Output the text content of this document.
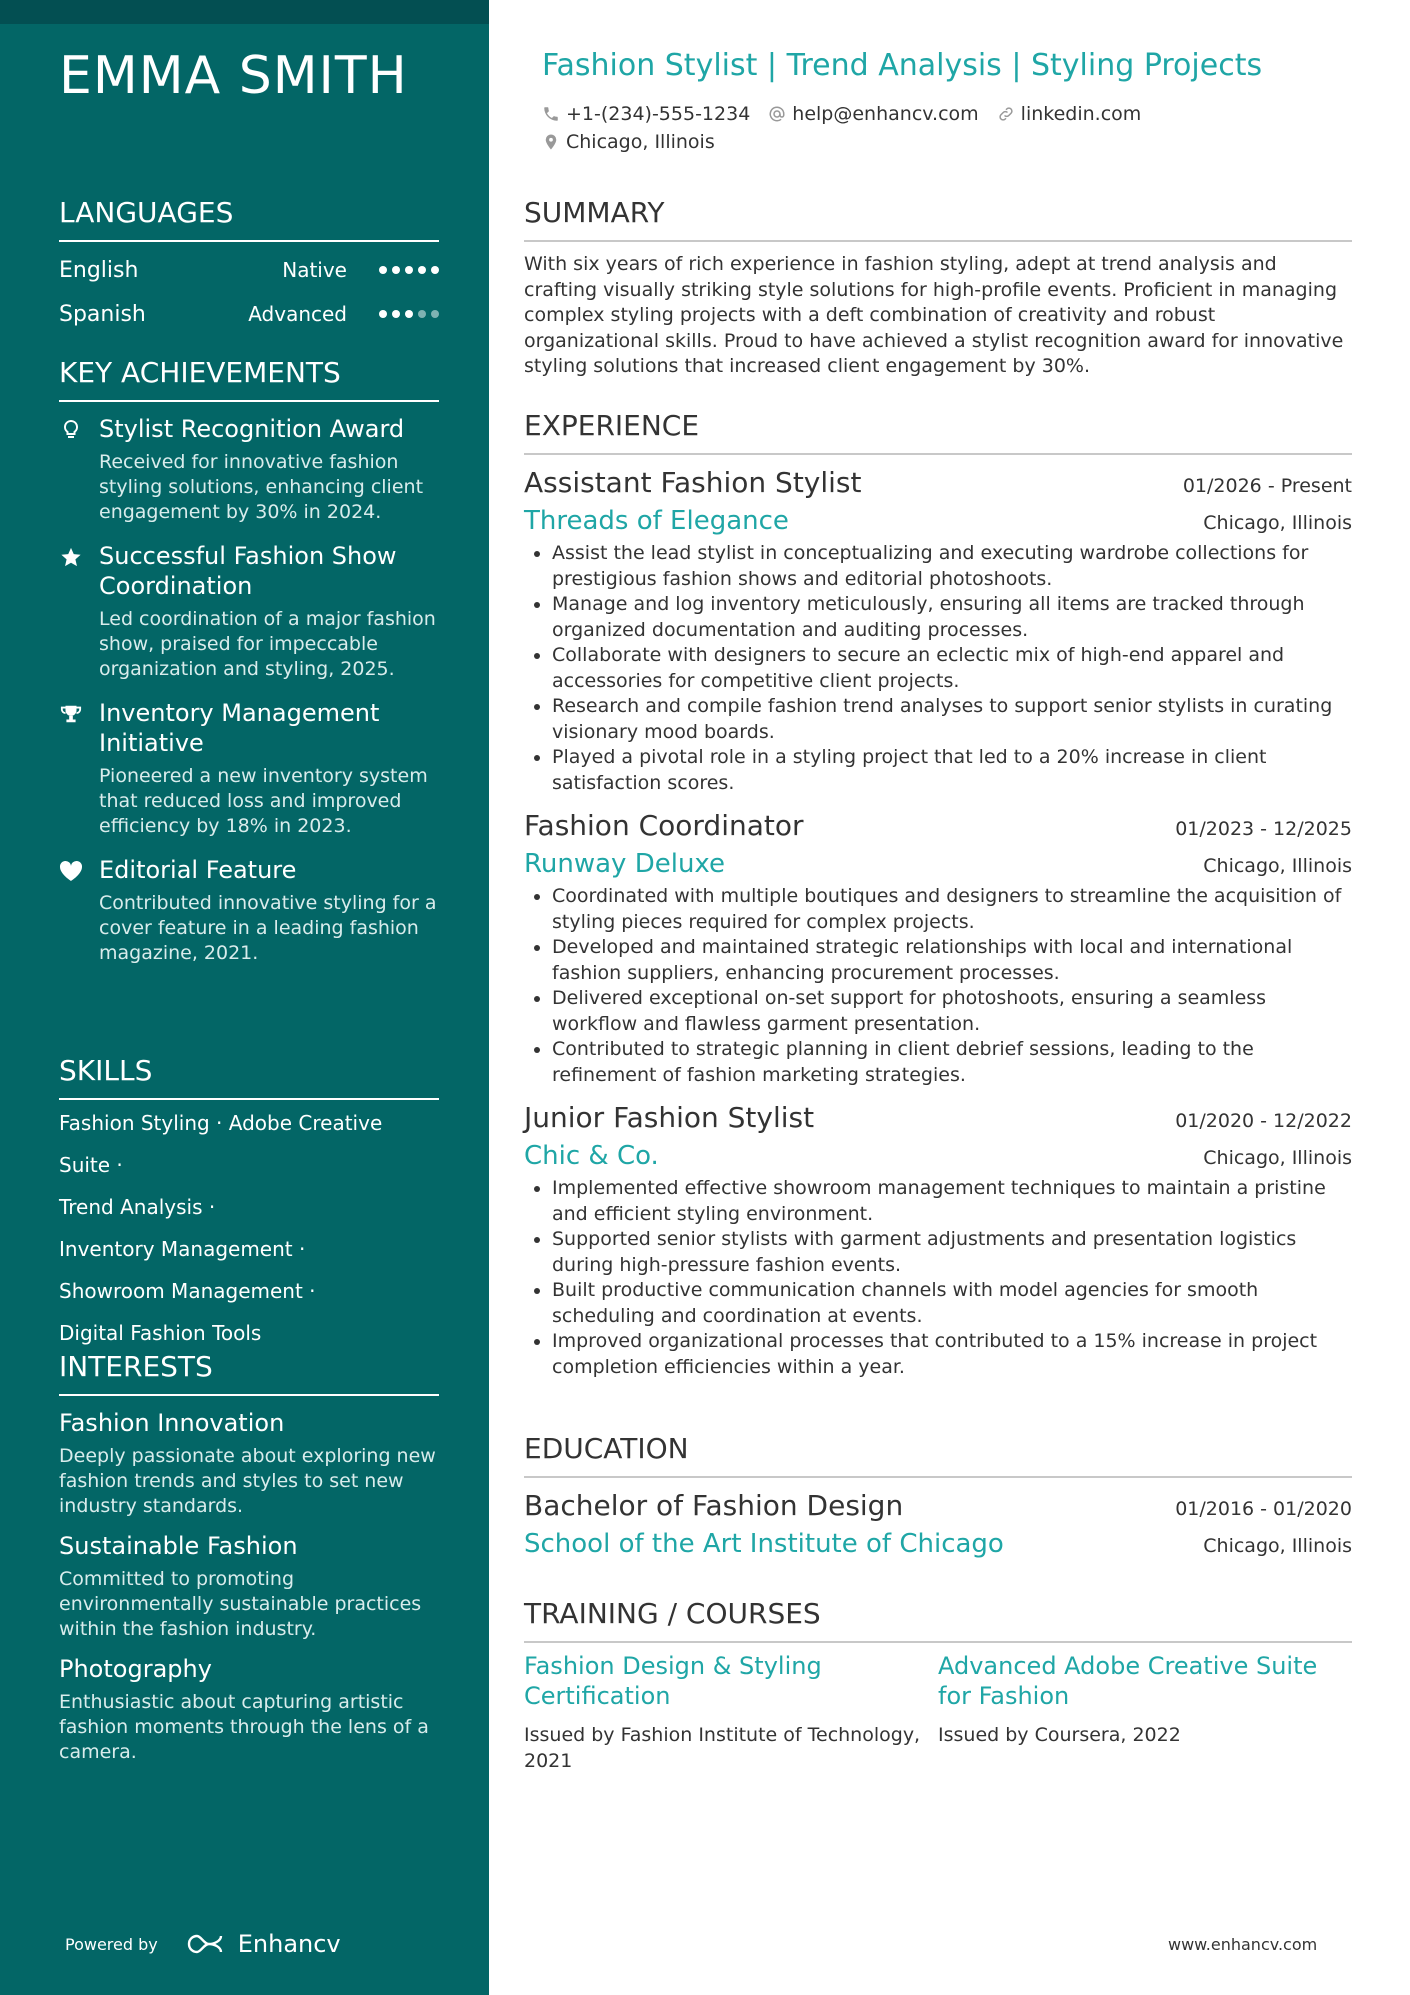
EMMA SMITH
LANGUAGES
English	Native
Spanish	Advanced
KEY ACHIEVEMENTS
Stylist Recognition Award
Received for innovative fashion styling solutions, enhancing client engagement by 30% in 2024.
Successful Fashion Show Coordination
Led coordination of a major fashion show, praised for impeccable organization and styling, 2025.
Inventory Management Initiative
Pioneered a new inventory system that reduced loss and improved efficiency by 18% in 2023.
Editorial Feature
Contributed innovative styling for a cover feature in a leading fashion magazine, 2021.
SKILLS
Fashion Styling · Adobe Creative Suite ·
Trend Analysis ·
Inventory Management ·
Showroom Management ·
Digital Fashion Tools
INTERESTS
Fashion Innovation
Deeply passionate about exploring new fashion trends and styles to set new industry standards.
Sustainable Fashion
Committed to promoting environmentally sustainable practices within the fashion industry.
Photography
Enthusiastic about capturing artistic fashion moments through the lens of a camera.
Powered by	Enhancv
Fashion Stylist | Trend Analysis | Styling Projects
+1-(234)-555-1234 help@enhancv.com linkedin.com
Chicago, Illinois
SUMMARY
With six years of rich experience in fashion styling, adept at trend analysis and crafting visually striking style solutions for high-profile events. Proficient in managing complex styling projects with a deft combination of creativity and robust organizational skills. Proud to have achieved a stylist recognition award for innovative styling solutions that increased client engagement by 30%.
EXPERIENCE
Assistant Fashion Stylist	01/2026 - Present
Threads of Elegance	Chicago, Illinois
• Assist the lead stylist in conceptualizing and executing wardrobe collections for prestigious fashion shows and editorial photoshoots.
• Manage and log inventory meticulously, ensuring all items are tracked through organized documentation and auditing processes.
• Collaborate with designers to secure an eclectic mix of high-end apparel and accessories for competitive client projects.
• Research and compile fashion trend analyses to support senior stylists in curating visionary mood boards.
• Played a pivotal role in a styling project that led to a 20% increase in client satisfaction scores.
Fashion Coordinator	01/2023 - 12/2025
Runway Deluxe	Chicago, Illinois
• Coordinated with multiple boutiques and designers to streamline the acquisition of styling pieces required for complex projects.
• Developed and maintained strategic relationships with local and international fashion suppliers, enhancing procurement processes.
• Delivered exceptional on-set support for photoshoots, ensuring a seamless workflow and flawless garment presentation.
• Contributed to strategic planning in client debrief sessions, leading to the refinement of fashion marketing strategies.
Junior Fashion Stylist	01/2020 - 12/2022
Chic & Co.	Chicago, Illinois
• Implemented effective showroom management techniques to maintain a pristine and efficient styling environment.
• Supported senior stylists with garment adjustments and presentation logistics during high-pressure fashion events.
• Built productive communication channels with model agencies for smooth scheduling and coordination at events.
• Improved organizational processes that contributed to a 15% increase in project completion efficiencies within a year.
EDUCATION
Bachelor of Fashion Design	01/2016 - 01/2020
School of the Art Institute of Chicago	Chicago, Illinois
TRAINING / COURSES
Fashion Design & Styling Certification
Issued by Fashion Institute of Technology, 2021
Advanced Adobe Creative Suite for Fashion
Issued by Coursera, 2022
www.enhancv.com
